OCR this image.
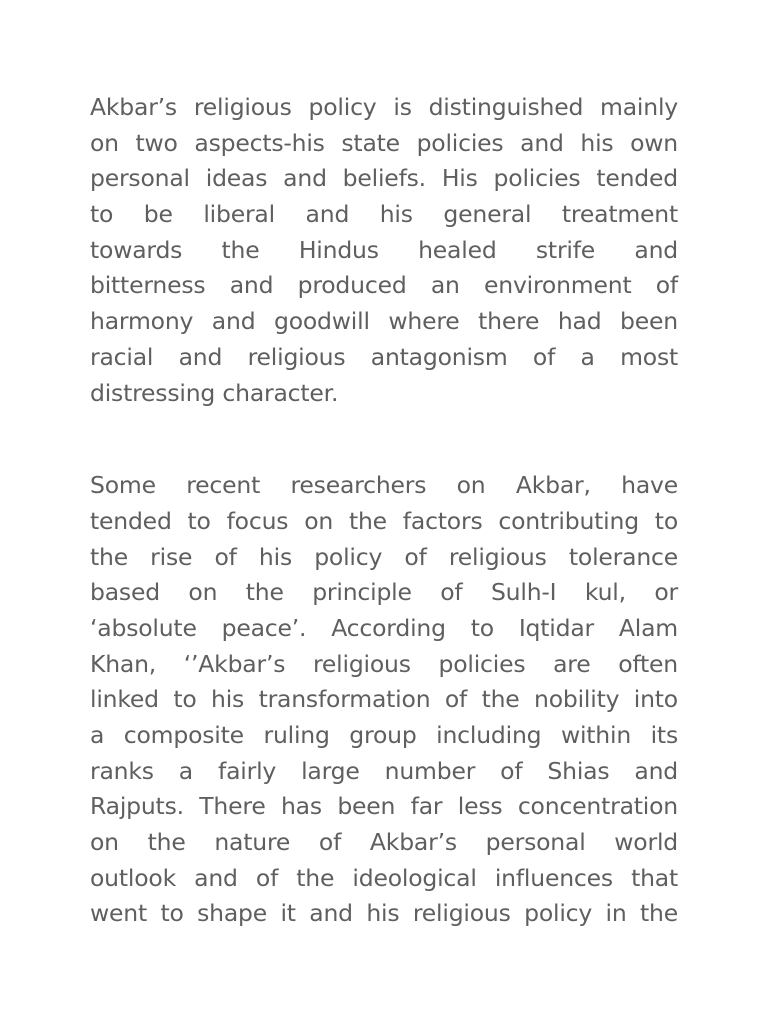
Akbar’s religious policy is distinguished mainly
on two aspects-his state policies and his own
personal ideas and beliefs. His policies tended
to be liberal and his general treatment
towards the Hindus healed strife and
bitterness and produced an environment of
harmony and goodwill where there had been
racial and religious antagonism of a most
distressing character.
Some recent researchers on Akbar, have
tended to focus on the factors contributing to
the rise of his policy of religious tolerance
based on the principle of Sulh-I kul, or
‘absolute peace’. According to Iqtidar Alam
Khan, ‘’Akbar’s religious policies are often
linked to his transformation of the nobility into
a composite ruling group including within its
ranks a fairly large number of Shias and
Rajputs. There has been far less concentration
on the nature of Akbar’s personal world
outlook and of the ideological influences that
went to shape it and his religious policy in the
